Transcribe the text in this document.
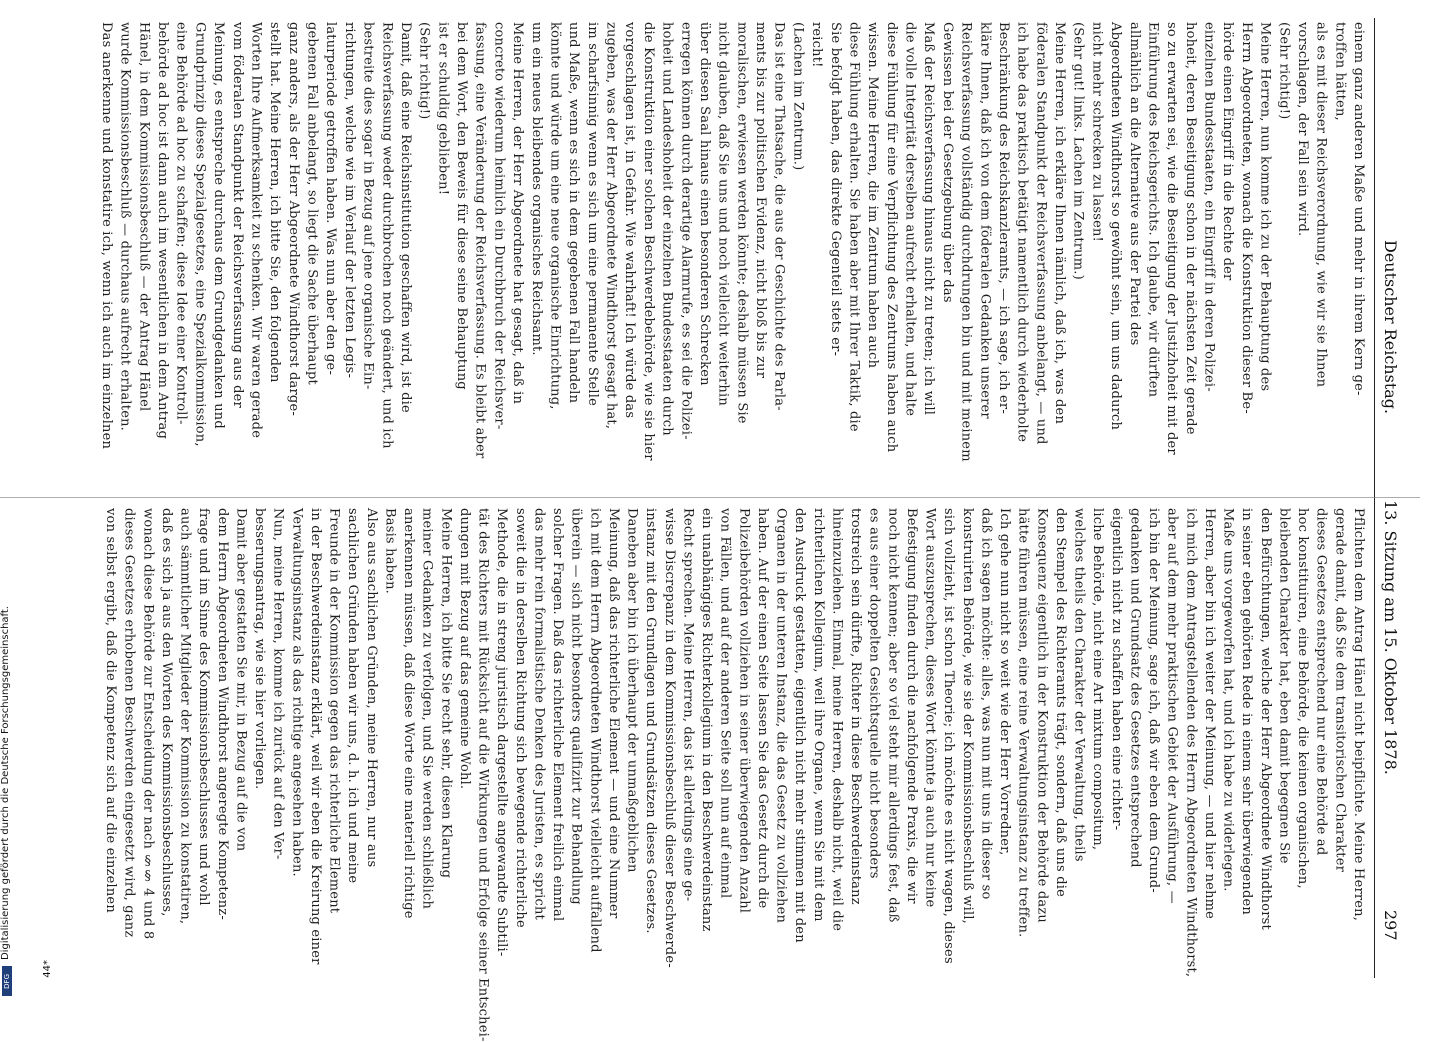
Deutscher Reichstag.
13. Sitzung am 15. Oktober 1878.
297
einem ganz anderen Maße und mehr in ihrem Kern ge-
troffen hätten,
als es mit dieser Reichsverordnung, wie wir sie Ihnen
vorschlagen, der Fall sein wird.
(Sehr richtig!)
Meine Herren, nun komme ich zu der Behauptung des
Herrn Abgeordneten, wonach die Konstruktion dieser Be-
hörde einen Eingriff in die Rechte der
einzelnen Bundesstaaten, ein Eingriff in deren Polizei-
hoheit, deren Beseitigung schon in der nächsten Zeit gerade
so zu erwarten sei, wie die Beseitigung der Justizhoheit mit der
Einführung des Reichsgerichts. Ich glaube, wir dürften
allmählich an die Alternative aus der Partei des
Abgeordneten Windthorst so gewöhnt sein, um uns dadurch
nicht mehr schrecken zu lassen!
(Sehr gut! links. Lachen im Zentrum.)
Meine Herren, ich erkläre Ihnen nämlich, daß ich, was den
föderalen Standpunkt der Reichsverfassung anbelangt, — und
ich habe das praktisch betätigt namentlich durch wiederholte
Beschränkung des Reichskanzleramts, — ich sage, ich er-
kläre Ihnen, daß ich von dem föderalen Gedanken unserer
Reichsverfassung vollständig durchdrungen bin und mit meinem
Gewissen bei der Gesetzgebung über das
Maß der Reichsverfassung hinaus nicht zu treten; ich will
die volle Integrität derselben aufrecht erhalten, und halte
diese Fühlung für eine Verpflichtung des Zentrums haben auch
wissen. Meine Herren, die im Zentrum haben auch
diese Fühlung erhalten. Sie haben aber mit Ihrer Taktik, die
Sie befolgt haben, das direkte Gegenteil stets er-
reicht!
(Lachen im Zentrum.)
Das ist eine Thatsache, die aus der Geschichte des Parla-
ments bis zur politischen Evidenz, nicht bloß bis zur
moralischen, erwiesen werden könnte; deshalb müssen Sie
nicht glauben, daß Sie uns und noch vielleicht weiterhin
über diesen Saal hinaus einen besonderen Schrecken
erregen können durch derartige Alarmrufe, es sei die Polizei-
hoheit und Landeshoheit der einzelnen Bundesstaaten durch
die Konstruktion einer solchen Beschwerdebehörde, wie sie hier
vorgeschlagen ist, in Gefahr. Wie wahrhaft! Ich würde das
zugeben, was der Herr Abgeordnete Windthorst gesagt hat,
im scharfsinnig wenn es sich um eine permanente Stelle
und Maße, wenn es sich in dem gegebenen Fall handeln
könnte und würde um eine neue organische Einrichtung,
um ein neues bleibendes organisches Reichsamt.
Meine Herren, der Herr Abgeordnete hat gesagt, daß in
concreto wiederum heimlich ein Durchbruch der Reichsver-
fassung, eine Veränderung der Reichsverfassung. Es bleibt aber
bei dem Wort, den Beweis für diese seine Behauptung
ist er schuldig geblieben!
(Sehr richtig!)
Damit, daß eine Reichsinstitution geschaffen wird, ist die
Reichsverfassung weder durchbrochen noch geändert, und ich
bestreite dies sogar in Bezug auf jene organische Ein-
richtungen, welche wie im Verlauf der letzten Legis-
laturperiode getroffen haben. Was nun aber den ge-
gebenen Fall anbelangt, so liegt die Sache überhaupt
ganz anders, als der Herr Abgeordnete Windthorst darge-
stellt hat. Meine Herren, ich bitte Sie, den folgenden
Worten Ihre Aufmerksamkeit zu schenken. Wir waren gerade
vom föderalen Standpunkt der Reichsverfassung aus der
Meinung, es entspreche durchaus dem Grundgedanken und
Grundprinzip dieses Spezialgesetzes, eine Spezialkommission,
eine Behörde ad hoc zu schaffen; diese Idee einer Kontroll-
behörde ad hoc ist dann auch im wesentlichen in dem Antrag
Hänel, in dem Kommissionsbeschluß — der Antrag Hänel
wurde Kommissionsbeschluß — durchaus aufrecht erhalten.
Das anerkenne und konstatire ich, wenn ich auch im einzelnen
Pflichten dem Antrag Hänel nicht beipflichte. Meine Herren,
gerade damit, daß Sie dem transitorischen Charakter
dieses Gesetzes entsprechend nur eine Behörde ad
hoc konstituiren, eine Behörde, die keinen organischen,
bleibenden Charakter hat, eben damit begegnen Sie
den Befürchtungen, welche der Herr Abgeordnete Windthorst
in seiner eben gehörten Rede in einem sehr überwiegenden
Maße uns vorgeworfen hat, und ich habe zu widerlegen.
Herren, aber bin ich weiter der Meinung, — und hier nehme
ich mich dem Antragstellenden des Herrn Abgeordneten Windthorst,
aber auf dem mehr praktischen Gebiet der Ausführung, —
ich bin der Meinung, sage ich, daß wir eben dem Grund-
gedanken und Grundsatz des Gesetzes entsprechend
eigentlich nicht zu schaffen haben eine richter-
liche Behörde, nicht eine Art mixtum compositum,
welches theils den Charakter der Verwaltung, theils
den Stempel des Richteramts trägt, sondern, daß uns die
Konsequenz eigentlich in der Konstruktion der Behörde dazu
hätte führen müssen, eine reine Verwaltungsinstanz zu treffen.
Ich gehe nun nicht so weit wie der Herr Vorredner,
daß ich sagen möchte: alles, was nun mit uns in dieser so
konstruirten Behörde, wie sie der Kommissionsbeschluß will,
sich vollzieht, ist schon Theorie; ich möchte es nicht wagen, dieses
Wort auszusprechen, dieses Wort könnte ja auch nur keine
Befestigung finden durch die nachfolgende Praxis, die wir
noch nicht kennen; aber so viel steht mir allerdings fest, daß
es aus einer doppelten Gesichtsquelle nicht besonders
trostreich sein dürfte, Richter in diese Beschwerdeinstanz
hineinzuziehen. Einmal, meine Herren, deshalb nicht, weil die
richterlichen Kollegium, weil ihre Organe, wenn Sie mit dem
den Ausdruck gestatten, eigentlich nicht mehr stimmen mit den
Organen in der unteren Instanz, die das Gesetz zu vollziehen
haben. Auf der einen Seite lassen Sie das Gesetz durch die
Polizeibehörden vollziehen in seiner überwiegenden Anzahl
von Fällen, und auf der anderen Seite soll nun auf einmal
ein unabhängiges Richterkollegium in den Beschwerdeinstanz
Recht sprechen. Meine Herren, das ist allerdings eine ge-
wisse Discrepanz in dem Kommissionsbeschluß dieser Beschwerde-
instanz mit den Grundlagen und Grundsätzen dieses Gesetzes.
Daneben aber bin ich überhaupt der unmaßgeblichen
Meinung, daß das richterliche Element — und eine Nummer
ich mit dem Herrn Abgeordneten Windthorst vielleicht auffallend
überein — sich nicht besonders qualifizirt zur Behandlung
solcher Fragen. Daß das richterliche Element freilich einmal
das mehr rein formalistische Denken des Juristen, es spricht
soweit die in derselben Richtung sich bewegende richterliche
Methode, die in streng juristisch dargestellte angewandte Subtili-
tät des Richters mit Rücksicht auf die Wirkungen und Erfolge seiner Entschei-
dungen mit Bezug auf das gemeine Wohl.
Meine Herren, ich bitte Sie recht sehr, diesen Klarung
meiner Gedanken zu verfolgen, und Sie werden schließlich
anerkennen müssen, daß diese Worte eine materiell richtige
Basis haben.
Also aus sachlichen Gründen, meine Herren, nur aus
sachlichen Gründen haben wir uns, d. h. ich und meine
Freunde in der Kommission gegen das richterliche Element
in der Beschwerdeinstanz erklärt, weil wir eben die Kreirung einer
Verwaltungsinstanz als das richtige angesehen haben.
Nun, meine Herren, komme ich zurück auf den Ver-
besserungsantrag, wie sie hier vorliegen.
Damit aber gestatten Sie mir, in Bezug auf die von
dem Herrn Abgeordneten Windthorst angeregte Kompetenz-
frage und im Sinne des Kommissionsbeschlusses und wohl
auch sämmtlicher Mitglieder der Kommission zu konstatiren,
daß es sich ja aus den Worten des Kommissionsbeschlusses,
wonach diese Behörde zur Entscheidung der nach §§ 4 und 8
dieses Gesetzes erhobenen Beschwerden eingesetzt wird, ganz
von selbst ergibt, daß die Kompetenz sich auf die einzelnen
44*
Digitalisierung gefördert durch die Deutsche Forschungsgemeinschaft.
DFG
